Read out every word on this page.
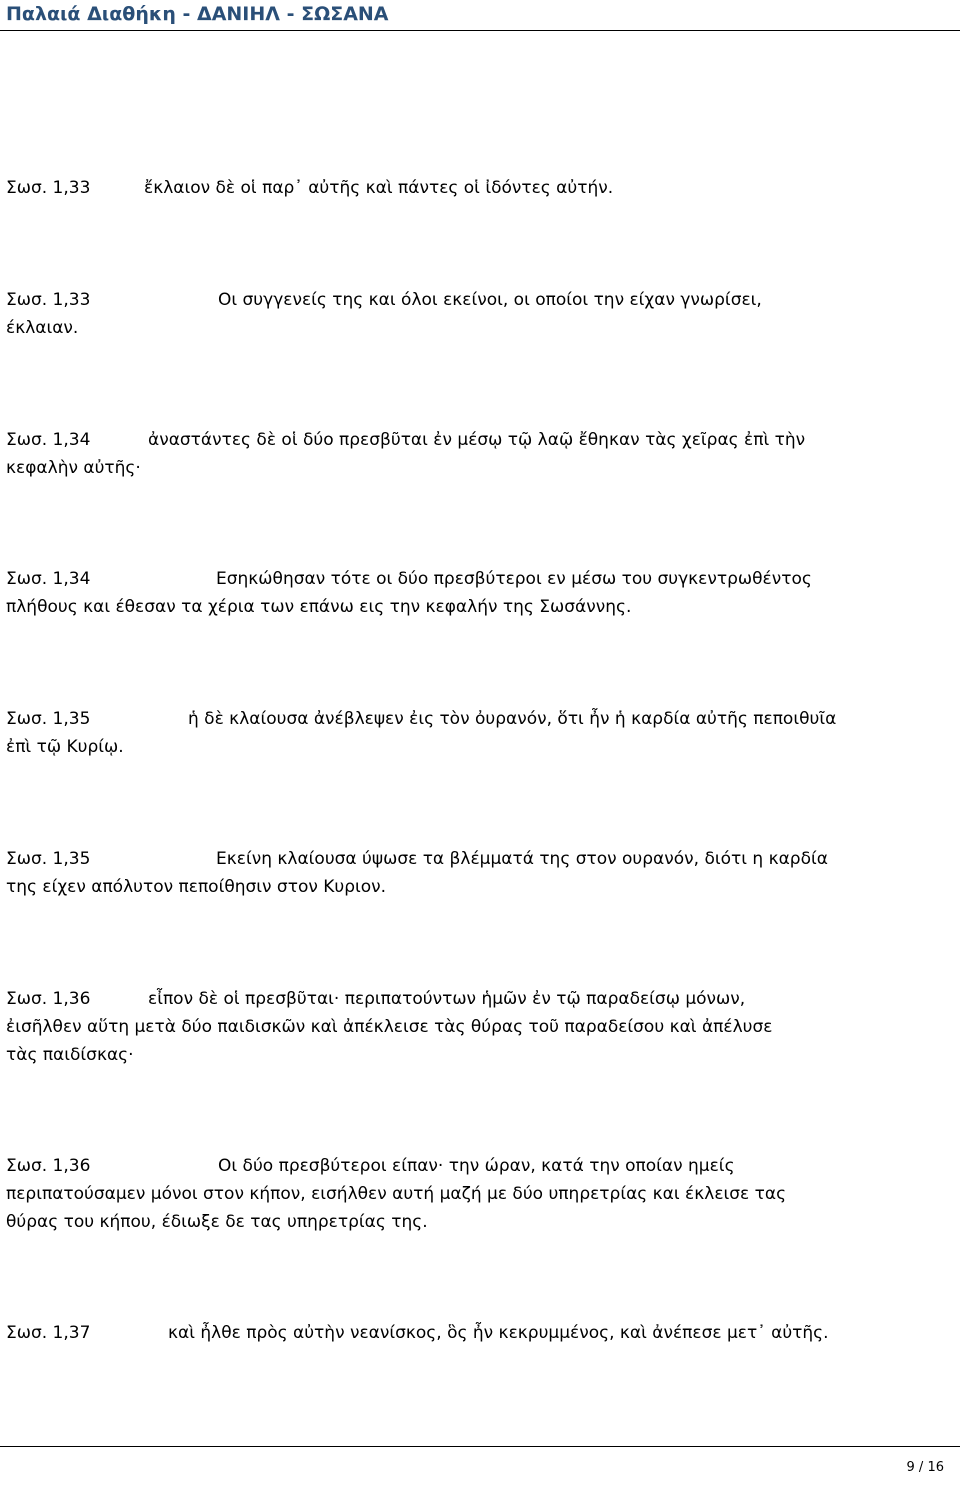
Παλαιά Διαθήκη - ΔΑΝΙΗΛ - ΣΩΣΑΝΑ
Σωσ. 1,33	ἔκλαιον δὲ οἱ παρ᾿ αὐτῆς καὶ πάντες οἱ ἰδόντες αὐτήν.
Σωσ. 1,33	Οι συγγενείς της και όλοι εκείνοι, οι οποίοι την είχαν γνωρίσει,
έκλαιαν.
Σωσ. 1,34	ἀναστάντες δὲ οἱ δύο πρεσβῦται ἐν μέσῳ τῷ λαῷ ἔθηκαν τὰς χεῖρας ἐπὶ τὴν
κεφαλὴν αὐτῆς·
Σωσ. 1,34	Εσηκώθησαν τότε οι δύο πρεσβύτεροι εν μέσω του συγκεντρωθέντος
πλήθους και έθεσαν τα χέρια των επάνω εις την κεφαλήν της Σωσάννης.
Σωσ. 1,35	ἡ δὲ κλαίουσα ἀνέβλεψεν ἐις τὸν ὀυρανόν, ὅτι ἦν ἡ καρδία αὐτῆς πεποιθυῖα
ἐπὶ τῷ Κυρίῳ.
Σωσ. 1,35	Εκείνη κλαίουσα ύψωσε τα βλέμματά της στον ουρανόν, διότι η καρδία
της είχεν απόλυτον πεποίθησιν στον Κυριον.
Σωσ. 1,36	εἶπον δὲ οἱ πρεσβῦται· περιπατούντων ἡμῶν ἐν τῷ παραδείσῳ μόνων,
ἐισῆλθεν αὕτη μετὰ δύο παιδισκῶν καὶ ἀπέκλεισε τὰς θύρας τοῦ παραδείσου καὶ ἀπέλυσε
τὰς παιδίσκας·
Σωσ. 1,36	Οι δύο πρεσβύτεροι είπαν· την ώραν, κατά την οποίαν ημείς
περιπατούσαμεν μόνοι στον κήπον, εισήλθεν αυτή μαζή με δύο υπηρετρίας και έκλεισε τας
θύρας του κήπου, έδιωξε δε τας υπηρετρίας της.
Σωσ. 1,37	καὶ ἦλθε πρὸς αὐτὴν νεανίσκος, ὃς ἦν κεκρυμμένος, καὶ ἀνέπεσε μετ᾿ αὐτῆς.
9 / 16
